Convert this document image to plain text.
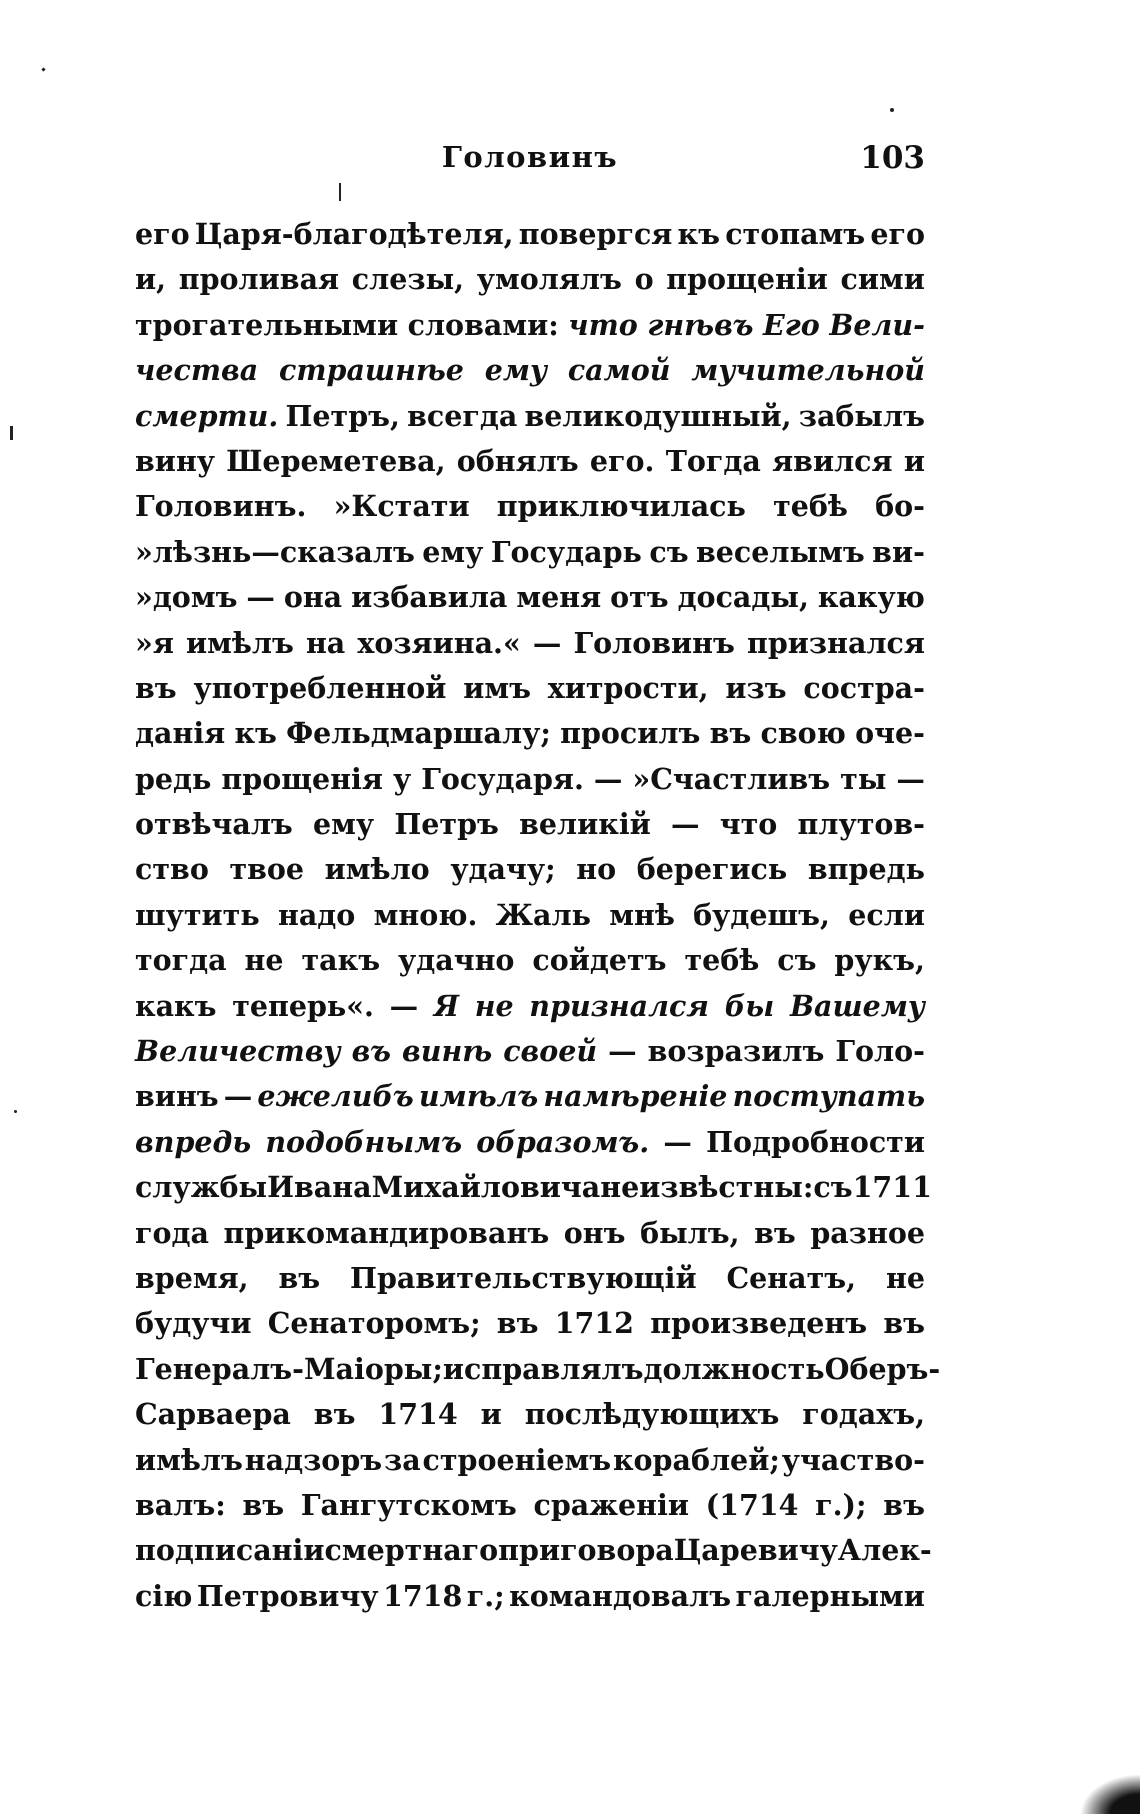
Головинъ	103
его Царя-благодѣтеля, повергся къ стопамъ его
и, проливая слезы, умолялъ о прощеніи сими
трогательными словами: что гнѣвъ Его Вели-
чества страшнѣе ему самой мучительной
смерти. Петръ, всегда великодушный, забылъ
вину Шереметева, обнялъ его. Тогда явился и
Головинъ. »Кстати приключилась тебѣ бо-
»лѣзнь—сказалъ ему Государь съ веселымъ ви-
»домъ — она избавила меня отъ досады, какую
»я имѣлъ на хозяина.« — Головинъ признался
въ употребленной имъ хитрости, изъ сострa-
данія къ Фельдмаршалу; просилъ въ свою оче-
редь прощенія у Государя. — »Счастливъ ты —
отвѣчалъ ему Петръ великій — что плутов-
ство твое имѣло удачу; но берегись впредь
шутить надо мною. Жаль мнѣ будешъ, если
тогда не такъ удачно сойдетъ тебѣ съ рукъ,
какъ теперь«. — Я не признался бы Вашему
Величеству въ винѣ своей — возразилъ Голо-
винъ — ежелибъ имѣлъ намѣреніе поступать
впредь подобнымъ образомъ. — Подробности
службы Ивана Михайловича неизвѣстны: съ 1711
года прикомандированъ онъ былъ, въ разное
время, въ Правительствующій Сенатъ, не
будучи Сенаторомъ; въ 1712 произведенъ въ
Генералъ-Маіоры; исправлялъ должность Оберъ-
Сарваера въ 1714 и послѣдующихъ годахъ,
имѣлъ надзоръ за строеніемъ кораблей; участво-
валъ: въ Гангутскомъ сраженіи (1714 г.); въ
подписаніи смертнаго приговора Царевичу Алек-
сію Петровичу 1718 г.; командовалъ галерными
